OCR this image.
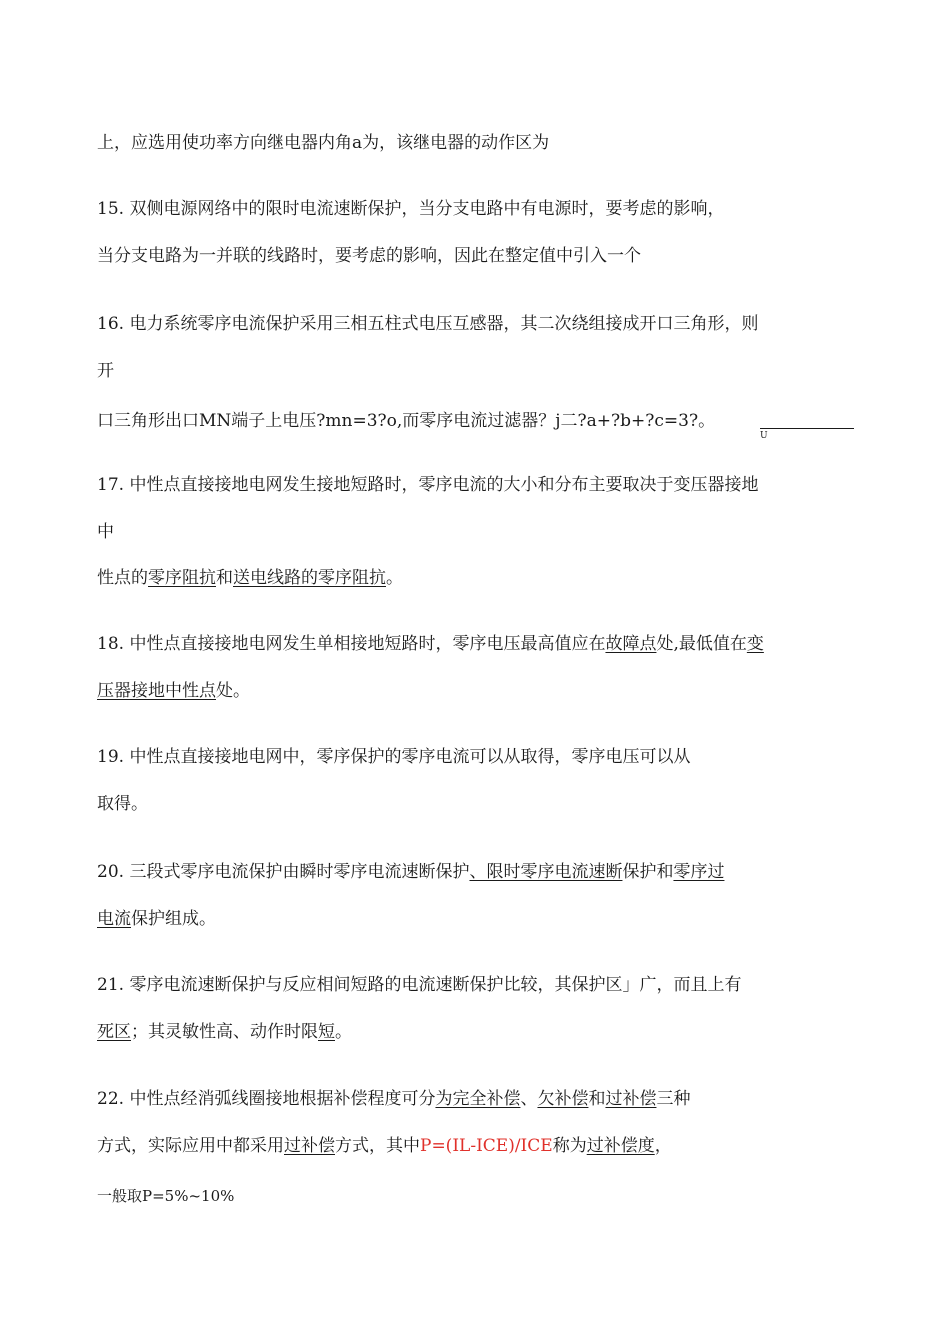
上，应选用使功率方向继电器内角a为，该继电器的动作区为
15. 双侧电源网络中的限时电流速断保护，当分支电路中有电源时，要考虑的影响，
当分支电路为一并联的线路时，要考虑的影响，因此在整定值中引入一个
16. 电力系统零序电流保护采用三相五柱式电压互感器，其二次绕组接成开口三角形，则
开
口三角形出口MN端子上电压?mn=3?o,而零序电流过滤器？j二?a+?b+?c=3?。
U
17. 中性点直接接地电网发生接地短路时，零序电流的大小和分布主要取决于变压器接地
中
性点的零序阻抗和送电线路的零序阻抗。
18. 中性点直接接地电网发生单相接地短路时，零序电压最高值应在故障点处,最低值在变
压器接地中性点处。
19. 中性点直接接地电网中，零序保护的零序电流可以从取得，零序电压可以从
取得。
20. 三段式零序电流保护由瞬时零序电流速断保护、限时零序电流速断保护和零序过
电流保护组成。
21. 零序电流速断保护与反应相间短路的电流速断保护比较，其保护区」广，而且上有
死区；其灵敏性高、动作时限短。
22. 中性点经消弧线圈接地根据补偿程度可分为完全补偿、欠补偿和过补偿三种
方式，实际应用中都采用过补偿方式，其中P=(IL-ICE)/ICE称为过补偿度，
一般取P=5%~10%
